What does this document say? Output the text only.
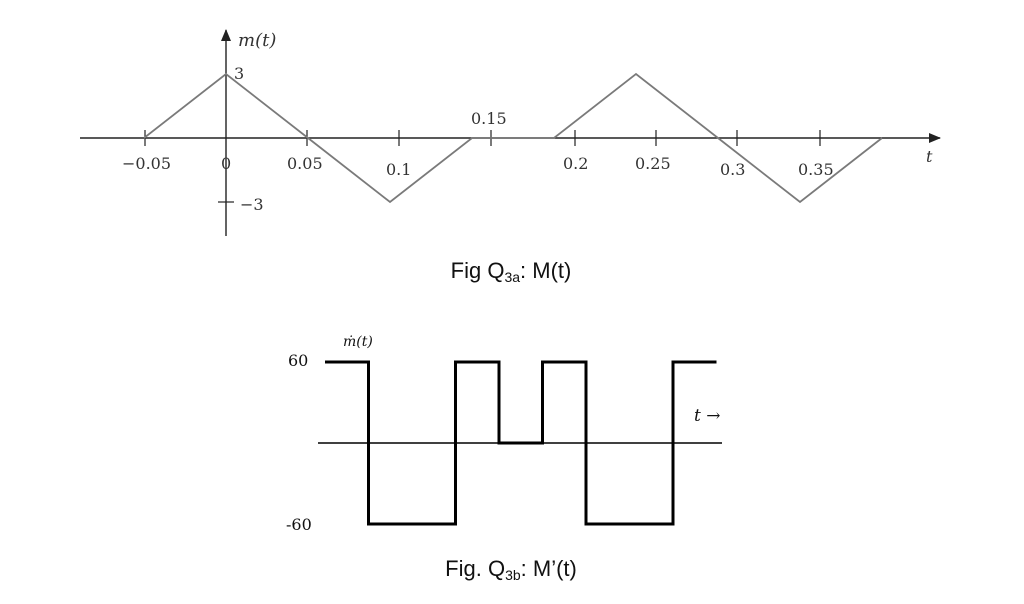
m(t)
t
3
−3
−0.05	0	0.05	0.1
0.15
0.2	0.25	0.3	0.35
Fig Q3a: M(t)
ṁ(t)
t →
60
-60
Fig. Q3b: M’(t)
